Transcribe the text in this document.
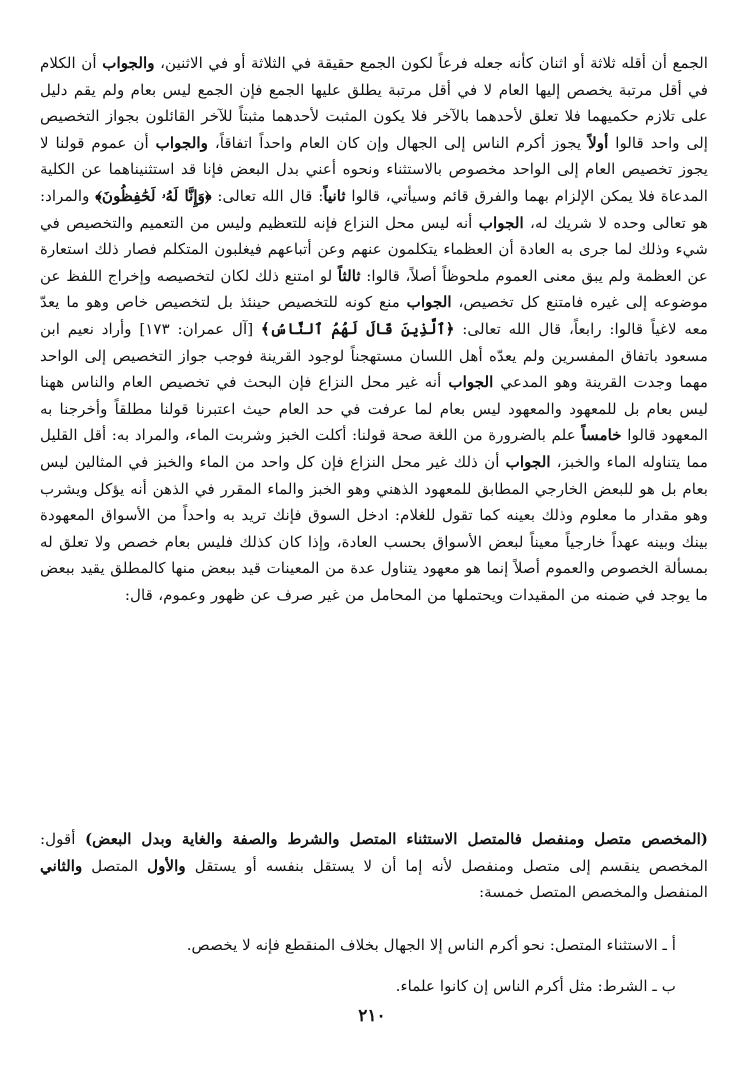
الجمع أن أقله ثلاثة أو اثنان كأنه جعله فرعاً لكون الجمع حقيقة في الثلاثة أو في الاثنين، والجواب أن الكلام في أقل مرتبة يخصص إليها العام لا في أقل مرتبة يطلق عليها الجمع فإن الجمع ليس بعام ولم يقم دليل على تلازم حكميهما فلا تعلق لأحدهما بالآخر فلا يكون المثبت لأحدهما مثبتاً للآخر القائلون بجواز التخصيص إلى واحد قالوا أولاً يجوز أكرم الناس إلى الجهال وإن كان العام واحداً اتفاقاً، والجواب أن عموم قولنا لا يجوز تخصيص العام إلى الواحد مخصوص بالاستثناء ونحوه أعني بدل البعض فإنا قد استثنيناهما عن الكلية المدعاة فلا يمكن الإلزام بهما والفرق قائم وسيأتي، قالوا ثانياً: قال الله تعالى: ﴿وَإِنَّا لَهُۥ لَحَٰفِظُونَ﴾ والمراد: هو تعالى وحده لا شريك له، الجواب أنه ليس محل النزاع فإنه للتعظيم وليس من التعميم والتخصيص في شيء وذلك لما جرى به العادة أن العظماء يتكلمون عنهم وعن أتباعهم فيغلبون المتكلم فصار ذلك استعارة عن العظمة ولم يبق معنى العموم ملحوظاً أصلاً، قالوا: ثالثاً لو امتنع ذلك لكان لتخصيصه وإخراج اللفظ عن موضوعه إلى غيره فامتنع كل تخصيص، الجواب منع كونه للتخصيص حينئذ بل لتخصيص خاص وهو ما يعدّ معه لاغياً قالوا: رابعاً، قال الله تعالى: ﴿ٱلَّذِينَ قَالَ لَهُمُ ٱلنَّاسُ﴾ [آل عمران: ١٧٣] وأراد نعيم ابن مسعود باتفاق المفسرين ولم يعدّه أهل اللسان مستهجناً لوجود القرينة فوجب جواز التخصيص إلى الواحد مهما وجدت القرينة وهو المدعي الجواب أنه غير محل النزاع فإن البحث في تخصيص العام والناس ههنا ليس بعام بل للمعهود والمعهود ليس بعام لما عرفت في حد العام حيث اعتبرنا قولنا مطلقاً وأخرجنا به المعهود قالوا خامساً علم بالضرورة من اللغة صحة قولنا: أكلت الخبز وشربت الماء، والمراد به: أقل القليل مما يتناوله الماء والخبز، الجواب أن ذلك غير محل النزاع فإن كل واحد من الماء والخبز في المثالين ليس بعام بل هو للبعض الخارجي المطابق للمعهود الذهني وهو الخبز والماء المقرر في الذهن أنه يؤكل ويشرب وهو مقدار ما معلوم وذلك بعينه كما تقول للغلام: ادخل السوق فإنك تريد به واحداً من الأسواق المعهودة بينك وبينه عهداً خارجياً معيناً لبعض الأسواق بحسب العادة، وإذا كان كذلك فليس بعام خصص ولا تعلق له بمسألة الخصوص والعموم أصلاً إنما هو معهود يتناول عدة من المعينات قيد ببعض منها كالمطلق يقيد ببعض ما يوجد في ضمنه من المقيدات ويحتملها من المحامل من غير صرف عن ظهور وعموم، قال:

(المخصص متصل ومنفصل فالمتصل الاستثناء المتصل والشرط والصفة والغاية وبدل البعض) أقول: المخصص ينقسم إلى متصل ومنفصل لأنه إما أن لا يستقل بنفسه أو يستقل والأول المتصل والثاني المنفصل والمخصص المتصل خمسة:

أ ـ الاستثناء المتصل: نحو أكرم الناس إلا الجهال بخلاف المنقطع فإنه لا يخصص.

ب ـ الشرط: مثل أكرم الناس إن كانوا علماء.

٢١٠
